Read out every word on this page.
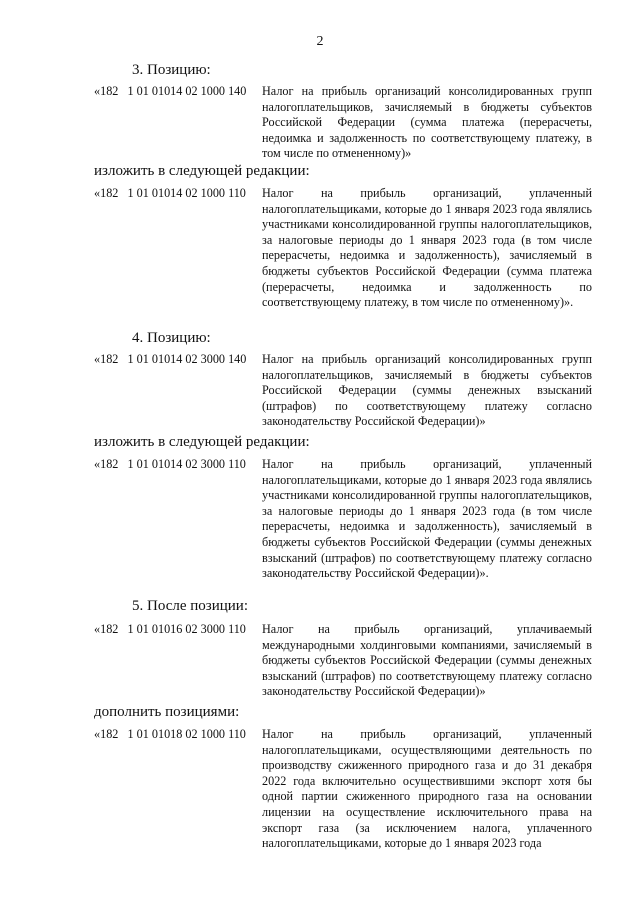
2
3. Позицию:
«182   1 01 01014 02 1000 140 Налог на прибыль организаций консолидированных групп налогоплательщиков, зачисляемый в бюджеты субъектов Российской Федерации (сумма платежа (перерасчеты, недоимка и задолженность по соответствующему платежу, в том числе по отмененному)»
изложить в следующей редакции:
«182   1 01 01014 02 1000 110 Налог на прибыль организаций, уплаченный налогоплательщиками, которые до 1 января 2023 года являлись участниками консолидированной группы налогоплательщиков, за налоговые периоды до 1 января 2023 года (в том числе перерасчеты, недоимка и задолженность), зачисляемый в бюджеты субъектов Российской Федерации (сумма платежа (перерасчеты, недоимка и задолженность по соответствующему платежу, в том числе по отмененному)».
4. Позицию:
«182   1 01 01014 02 3000 140 Налог на прибыль организаций консолидированных групп налогоплательщиков, зачисляемый в бюджеты субъектов Российской Федерации (суммы денежных взысканий (штрафов) по соответствующему платежу согласно законодательству Российской Федерации)»
изложить в следующей редакции:
«182   1 01 01014 02 3000 110 Налог на прибыль организаций, уплаченный налогоплательщиками, которые до 1 января 2023 года являлись участниками консолидированной группы налогоплательщиков, за налоговые периоды до 1 января 2023 года (в том числе перерасчеты, недоимка и задолженность), зачисляемый в бюджеты субъектов Российской Федерации (суммы денежных взысканий (штрафов) по соответствующему платежу согласно законодательству Российской Федерации)».
5. После позиции:
«182   1 01 01016 02 3000 110 Налог на прибыль организаций, уплачиваемый международными холдинговыми компаниями, зачисляемый в бюджеты субъектов Российской Федерации (суммы денежных взысканий (штрафов) по соответствующему платежу согласно законодательству Российской Федерации)»
дополнить позициями:
«182   1 01 01018 02 1000 110 Налог на прибыль организаций, уплаченный налогоплательщиками, осуществляющими деятельность по производству сжиженного природного газа и до 31 декабря 2022 года включительно осуществившими экспорт хотя бы одной партии сжиженного природного газа на основании лицензии на осуществление исключительного права на экспорт газа (за исключением налога, уплаченного налогоплательщиками, которые до 1 января 2023 года
